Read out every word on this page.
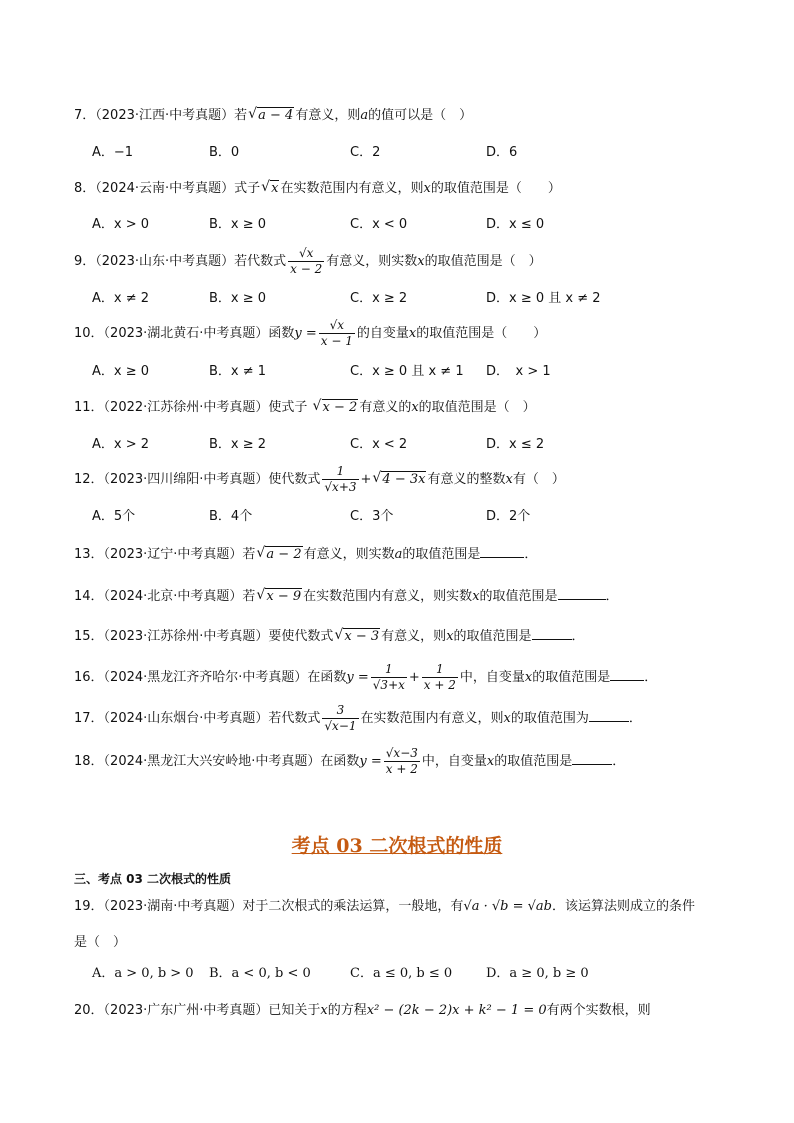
7．（2023·江西·中考真题）若 √ a − 4 有意义，则a的值可以是（　）
A．−1	B．0	C．2	D．6
8．（2024·云南·中考真题）式子 √ x 在实数范围内有意义，则x的取值范围是（　　）
A．x > 0	B．x ≥ 0	C．x < 0	D．x ≤ 0
9．（2023·山东·中考真题）若代数式 $\frac{√x}{x - 2}$ 有意义，则实数x的取值范围是（　）
A．x ≠ 2	B．x ≥ 0	C．x ≥ 2	D．x ≥ 0 且 x ≠ 2
10．（2023·湖北黄石·中考真题）函数$y = \frac{√x}{x - 1}$ 的自变量x的取值范围是（　　）
A．x ≥ 0	B．x ≠ 1	C．x ≥ 0 且 x ≠ 1 D．　x > 1
11．（2022·江苏徐州·中考真题）使式子 √ x − 2 有意义的x的取值范围是（　）
A．x > 2	B．x ≥ 2	C．x < 2	D．x ≤ 2
12．（2023·四川绵阳·中考真题）使代数式 $\frac{1}{√x+3}$ + √ 4 − 3x 有意义的整数x有（　）
A．5个	B．4个	C．3个	D．2个
13．（2023·辽宁·中考真题）若 √ a − 2 有意义，则实数a的取值范围是	．
14．（2024·北京·中考真题）若 √ x − 9 在实数范围内有意义，则实数x的取值范围是	．
15．（2023·江苏徐州·中考真题）要使代数式 √ x − 3 有意义，则x的取值范围是	．
16．（2024·黑龙江齐齐哈尔·中考真题）在函数$y = \frac{1}{√3+x} + \frac{1}{x + 2}$ 中，自变量x的取值范围是	．
17．（2024·山东烟台·中考真题）若代数式 $\frac{3}{√x-1}$ 在实数范围内有意义，则x的取值范围为	．
18．（2024·黑龙江大兴安岭地·中考真题）在函数$y = \frac{√x-3}{x + 2}$ 中，自变量x的取值范围是	．
考点 03 二次根式的性质
三、考点 03 二次根式的性质
19．（2023·湖南·中考真题）对于二次根式的乘法运算，一般地，有√a · √b = √ab．该运算法则成立的条件
是（　）
A．a > 0, b > 0 B．a < 0, b < 0	C．a ≤ 0, b ≤ 0	D．a ≥ 0, b ≥ 0
20．（2023·广东广州·中考真题）已知关于x的方程x² − (2k − 2)x + k² − 1 = 0有两个实数根，则
